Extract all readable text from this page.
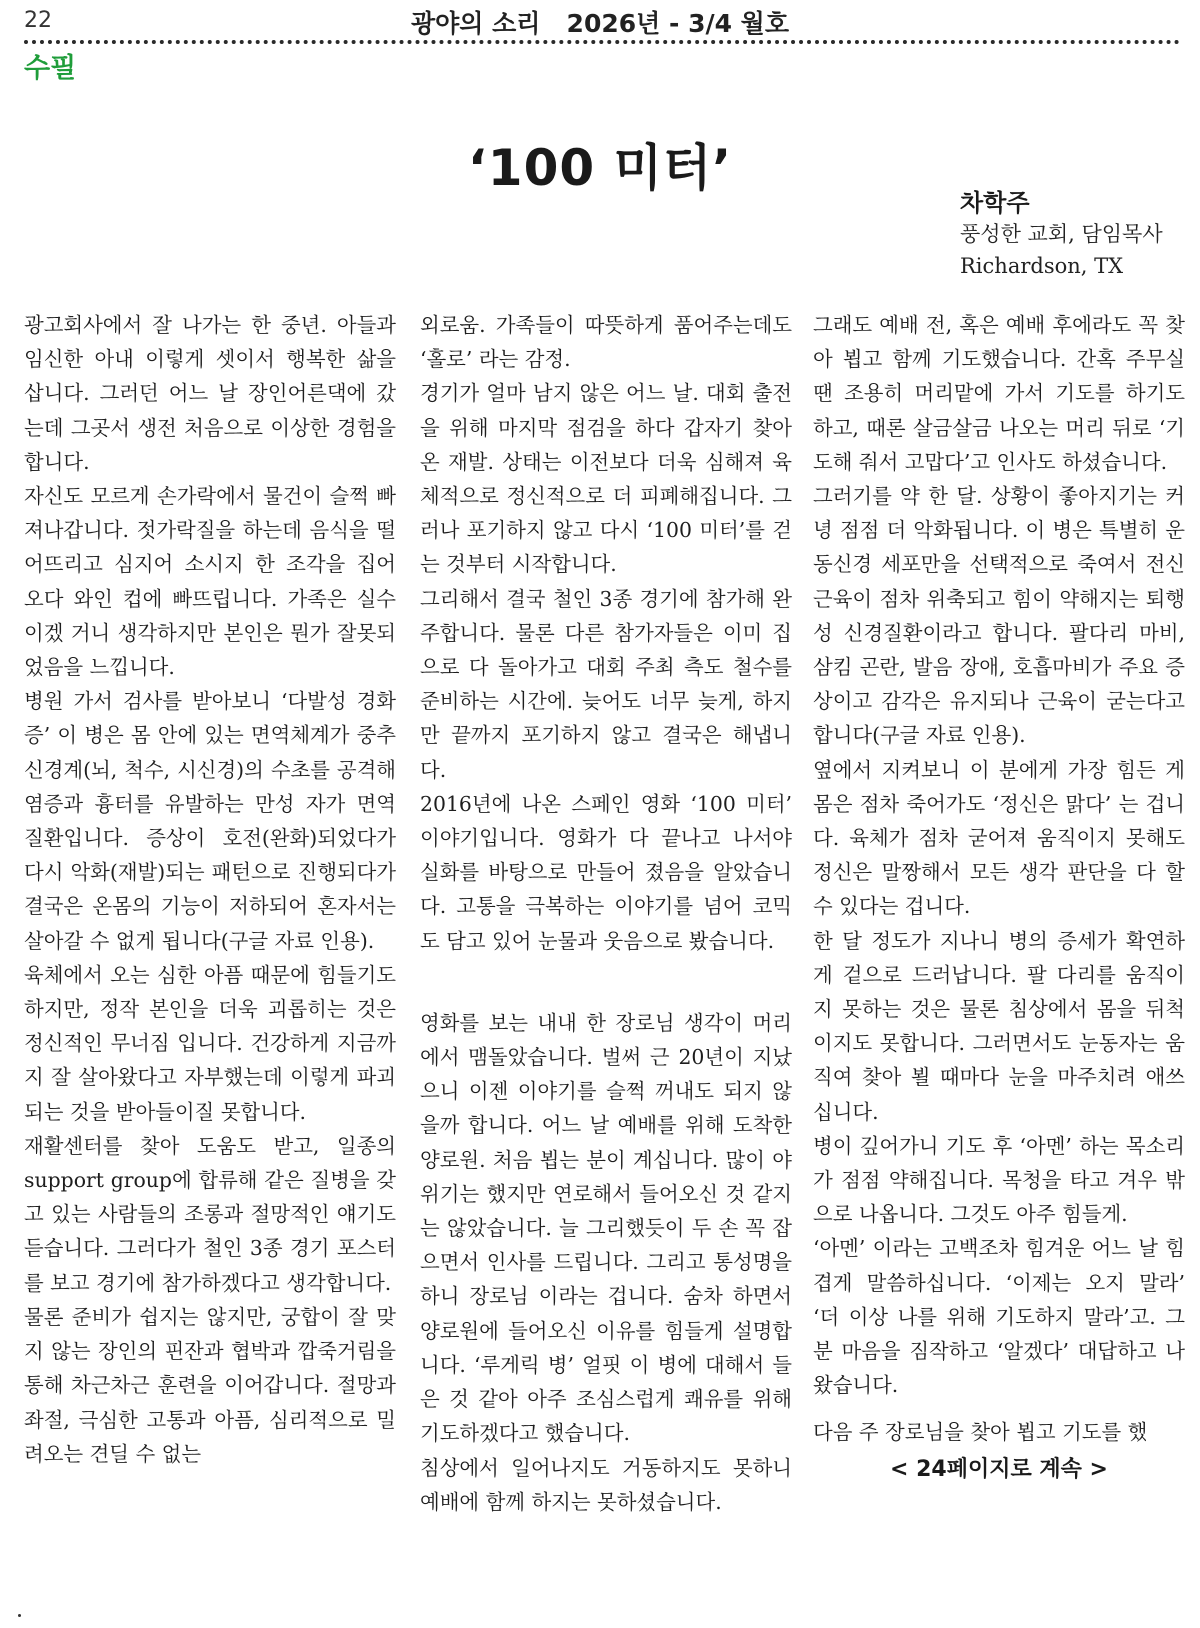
22	광야의 소리   2026년 - 3/4 월호
수필
‘100 미터’
차학주
풍성한 교회, 담임목사
Richardson, TX

광고회사에서 잘 나가는 한 중년. 아들과 임신한 아내 이렇게 셋이서 행복한 삶을 삽니다. 그러던 어느 날 장인어른댁에 갔는데 그곳서 생전 처음으로 이상한 경험을 합니다.

자신도 모르게 손가락에서 물건이 슬쩍 빠져나갑니다. 젓가락질을 하는데 음식을 떨어뜨리고 심지어 소시지 한 조각을 집어 오다 와인 컵에 빠뜨립니다. 가족은 실수 이겠 거니 생각하지만 본인은 뭔가 잘못되었음을 느낍니다.

병원 가서 검사를 받아보니 ‘다발성 경화증’ 이 병은 몸 안에 있는 면역체계가 중추신경계(뇌, 척수, 시신경)의 수초를 공격해 염증과 흉터를 유발하는 만성 자가 면역 질환입니다. 증상이 호전(완화)되었다가 다시 악화(재발)되는 패턴으로 진행되다가 결국은 온몸의 기능이 저하되어 혼자서는 살아갈 수 없게 됩니다(구글 자료 인용).

육체에서 오는 심한 아픔 때문에 힘들기도 하지만, 정작 본인을 더욱 괴롭히는 것은 정신적인 무너짐 입니다. 건강하게 지금까지 잘 살아왔다고 자부했는데 이렇게 파괴되는 것을 받아들이질 못합니다.

재활센터를 찾아 도움도 받고, 일종의 support group에 합류해 같은 질병을 갖고 있는 사람들의 조롱과 절망적인 얘기도 듣습니다. 그러다가 철인 3종 경기 포스터를 보고 경기에 참가하겠다고 생각합니다.

물론 준비가 쉽지는 않지만, 궁합이 잘 맞지 않는 장인의 핀잔과 협박과 깝죽거림을 통해 차근차근 훈련을 이어갑니다. 절망과 좌절, 극심한 고통과 아픔, 심리적으로 밀려오는 견딜 수 없는

외로움. 가족들이 따뜻하게 품어주는데도 ‘홀로’ 라는 감정.

경기가 얼마 남지 않은 어느 날. 대회 출전을 위해 마지막 점검을 하다 갑자기 찾아온 재발. 상태는 이전보다 더욱 심해져 육체적으로 정신적으로 더 피폐해집니다. 그러나 포기하지 않고 다시 ‘100 미터’를 걷는 것부터 시작합니다.

그리해서 결국 철인 3종 경기에 참가해 완주합니다. 물론 다른 참가자들은 이미 집으로 다 돌아가고 대회 주최 측도 철수를 준비하는 시간에. 늦어도 너무 늦게, 하지만 끝까지 포기하지 않고 결국은 해냅니다.

2016년에 나온 스페인 영화 ‘100 미터’ 이야기입니다. 영화가 다 끝나고 나서야 실화를 바탕으로 만들어 졌음을 알았습니다. 고통을 극복하는 이야기를 넘어 코믹도 담고 있어 눈물과 웃음으로 봤습니다.

영화를 보는 내내 한 장로님 생각이 머리에서 맴돌았습니다. 벌써 근 20년이 지났으니 이젠 이야기를 슬쩍 꺼내도 되지 않을까 합니다. 어느 날 예배를 위해 도착한 양로원. 처음 뵙는 분이 계십니다. 많이 야위기는 했지만 연로해서 들어오신 것 같지는 않았습니다. 늘 그리했듯이 두 손 꼭 잡으면서 인사를 드립니다. 그리고 통성명을 하니 장로님 이라는 겁니다. 숨차 하면서 양로원에 들어오신 이유를 힘들게 설명합니다. ‘루게릭 병’ 얼핏 이 병에 대해서 들은 것 같아 아주 조심스럽게 쾌유를 위해 기도하겠다고 했습니다.

침상에서 일어나지도 거동하지도 못하니 예배에 함께 하지는 못하셨습니다.

그래도 예배 전, 혹은 예배 후에라도 꼭 찾아 뵙고 함께 기도했습니다. 간혹 주무실 땐 조용히 머리맡에 가서 기도를 하기도 하고, 때론 살금살금 나오는 머리 뒤로 ‘기도해 줘서 고맙다’고 인사도 하셨습니다.

그러기를 약 한 달. 상황이 좋아지기는 커녕 점점 더 악화됩니다. 이 병은 특별히 운동신경 세포만을 선택적으로 죽여서 전신 근육이 점차 위축되고 힘이 약해지는 퇴행성 신경질환이라고 합니다. 팔다리 마비, 삼킴 곤란, 발음 장애, 호흡마비가 주요 증상이고 감각은 유지되나 근육이 굳는다고 합니다(구글 자료 인용).

옆에서 지켜보니 이 분에게 가장 힘든 게 몸은 점차 죽어가도 ‘정신은 맑다’ 는 겁니다. 육체가 점차 굳어져 움직이지 못해도 정신은 말짱해서 모든 생각 판단을 다 할 수 있다는 겁니다.

한 달 정도가 지나니 병의 증세가 확연하게 겉으로 드러납니다. 팔 다리를 움직이지 못하는 것은 물론 침상에서 몸을 뒤척이지도 못합니다. 그러면서도 눈동자는 움직여 찾아 뵐 때마다 눈을 마주치려 애쓰십니다.

병이 깊어가니 기도 후 ‘아멘’ 하는 목소리가 점점 약해집니다. 목청을 타고 겨우 밖으로 나옵니다. 그것도 아주 힘들게.

‘아멘’ 이라는 고백조차 힘겨운 어느 날 힘겹게 말씀하십니다. ‘이제는 오지 말라’ ‘더 이상 나를 위해 기도하지 말라’고. 그 분 마음을 짐작하고 ‘알겠다’ 대답하고 나왔습니다.

다음 주 장로님을 찾아 뵙고 기도를 했

< 24페이지로 계속 >
